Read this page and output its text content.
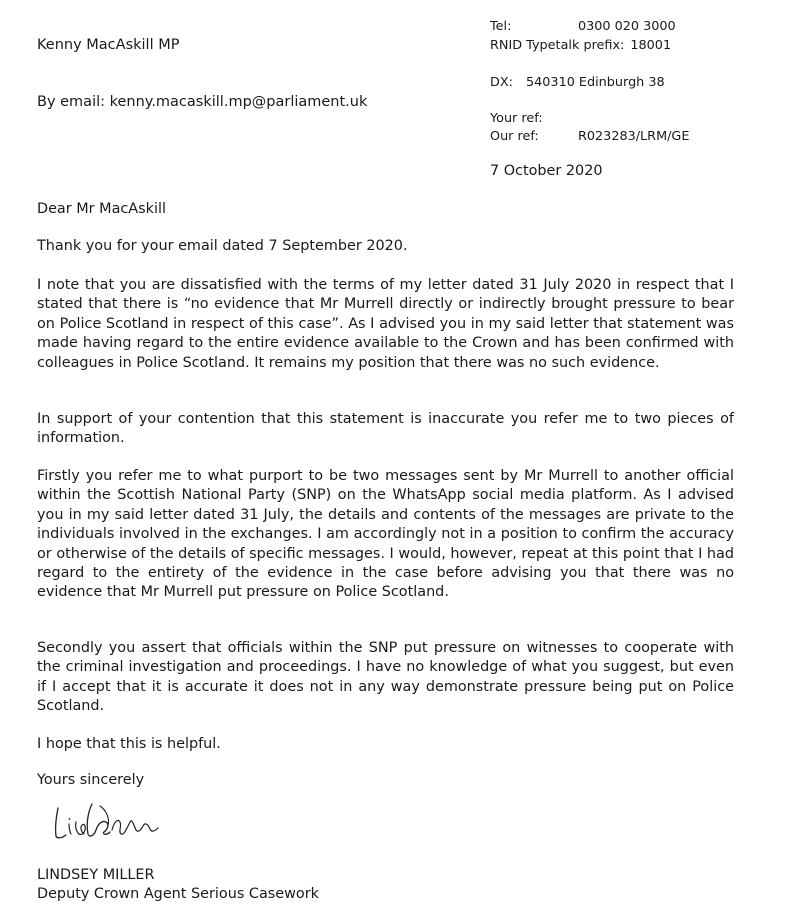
Tel:	0300 020 3000
RNID Typetalk prefix: 18001
DX:	540310 Edinburgh 38
Your ref:
Our ref:	R023283/LRM/GE
7 October 2020
Kenny MacAskill MP
By email: kenny.macaskill.mp@parliament.uk
Dear Mr MacAskill

Thank you for your email dated 7 September 2020.

I note that you are dissatisfied with the terms of my letter dated 31 July 2020 in respect that I stated that there is “no evidence that Mr Murrell directly or indirectly brought pressure to bear on Police Scotland in respect of this case”. As I advised you in my said letter that statement was made having regard to the entire evidence available to the Crown and has been confirmed with colleagues in Police Scotland. It remains my position that there was no such evidence.

In support of your contention that this statement is inaccurate you refer me to two pieces of information.

Firstly you refer me to what purport to be two messages sent by Mr Murrell to another official within the Scottish National Party (SNP) on the WhatsApp social media platform. As I advised you in my said letter dated 31 July, the details and contents of the messages are private to the individuals involved in the exchanges. I am accordingly not in a position to confirm the accuracy or otherwise of the details of specific messages. I would, however, repeat at this point that I had regard to the entirety of the evidence in the case before advising you that there was no evidence that Mr Murrell put pressure on Police Scotland.

Secondly you assert that officials within the SNP put pressure on witnesses to cooperate with the criminal investigation and proceedings. I have no knowledge of what you suggest, but even if I accept that it is accurate it does not in any way demonstrate pressure being put on Police Scotland.

I hope that this is helpful.

Yours sincerely
LINDSEY MILLER
Deputy Crown Agent Serious Casework
